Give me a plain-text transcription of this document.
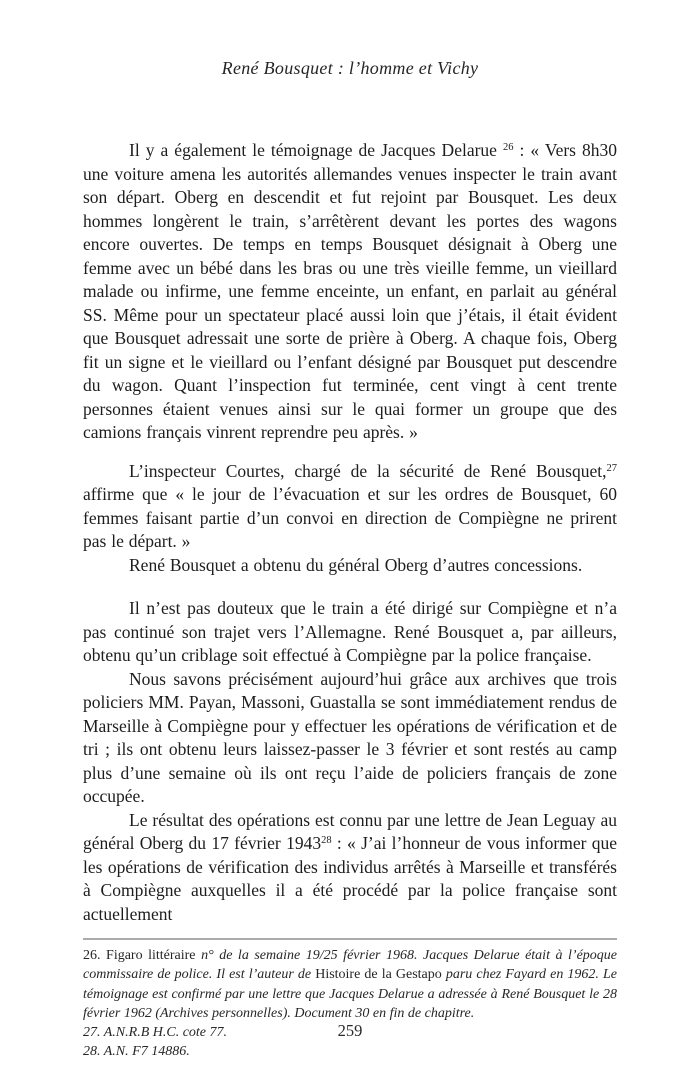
René Bousquet : l’homme et Vichy

Il y a également le témoignage de Jacques Delarue $^{26}$ : « Vers 8h30 une voiture amena les autorités allemandes venues inspecter le train avant son départ. Oberg en descendit et fut rejoint par Bousquet. Les deux hommes longèrent le train, s’arrêtèrent devant les portes des wagons encore ouvertes. De temps en temps Bousquet désignait à Oberg une femme avec un bébé dans les bras ou une très vieille femme, un vieillard malade ou infirme, une femme enceinte, un enfant, en parlait au général SS. Même pour un spectateur placé aussi loin que j’étais, il était évident que Bousquet adressait une sorte de prière à Oberg. A chaque fois, Oberg fit un signe et le vieillard ou l’enfant désigné par Bousquet put descendre du wagon. Quant l’inspection fut terminée, cent vingt à cent trente personnes étaient venues ainsi sur le quai former un groupe que des camions français vinrent reprendre peu après. »

L’inspecteur Courtes, chargé de la sécurité de René Bousquet,$^{27}$ affirme que « le jour de l’évacuation et sur les ordres de Bousquet, 60 femmes faisant partie d’un convoi en direction de Compiègne ne prirent pas le départ. »

René Bousquet a obtenu du général Oberg d’autres concessions.

Il n’est pas douteux que le train a été dirigé sur Compiègne et n’a pas continué son trajet vers l’Allemagne. René Bousquet a, par ailleurs, obtenu qu’un criblage soit effectué à Compiègne par la police française.

Nous savons précisément aujourd’hui grâce aux archives que trois policiers MM. Payan, Massoni, Guastalla se sont immédiatement rendus de Marseille à Compiègne pour y effectuer les opérations de vérification et de tri ; ils ont obtenu leurs laissez-passer le 3 février et sont restés au camp plus d’une semaine où ils ont reçu l’aide de policiers français de zone occupée.

Le résultat des opérations est connu par une lettre de Jean Leguay au général Oberg du 17 février 1943$^{28}$ : « J’ai l’honneur de vous informer que les opérations de vérification des individus arrêtés à Marseille et transférés à Compiègne auxquelles il a été procédé par la police française sont actuellement

26. Figaro littéraire n° de la semaine 19/25 février 1968. Jacques Delarue était à l’époque commissaire de police. Il est l’auteur de Histoire de la Gestapo paru chez Fayard en 1962. Le témoignage est confirmé par une lettre que Jacques Delarue a adressée à René Bousquet le 28 février 1962 (Archives personnelles). Document 30 en fin de chapitre.

27. A.N.R.B H.C. cote 77.

28. A.N. F7 14886.

259
